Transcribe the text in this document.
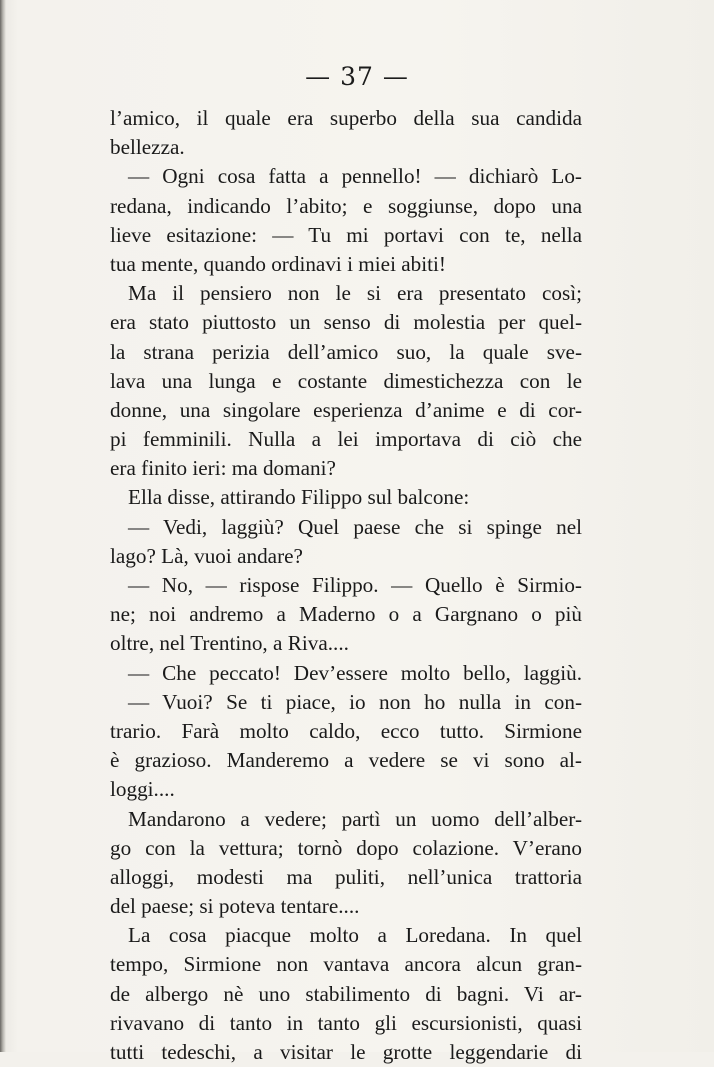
— 37 —
l’amico, il quale era superbo della sua candida
bellezza.
— Ogni cosa fatta a pennello! — dichiarò Lo-
redana, indicando l’abito; e soggiunse, dopo una
lieve esitazione: — Tu mi portavi con te, nella
tua mente, quando ordinavi i miei abiti!
Ma il pensiero non le si era presentato così;
era stato piuttosto un senso di molestia per quel-
la strana perizia dell’amico suo, la quale sve-
lava una lunga e costante dimestichezza con le
donne, una singolare esperienza d’anime e di cor-
pi femminili. Nulla a lei importava di ciò che
era finito ieri: ma domani?
Ella disse, attirando Filippo sul balcone:
— Vedi, laggiù? Quel paese che si spinge nel
lago? Là, vuoi andare?
— No, — rispose Filippo. — Quello è Sirmio-
ne; noi andremo a Maderno o a Gargnano o più
oltre, nel Trentino, a Riva....
— Che peccato! Dev’essere molto bello, laggiù.
— Vuoi? Se ti piace, io non ho nulla in con-
trario. Farà molto caldo, ecco tutto. Sirmione
è grazioso. Manderemo a vedere se vi sono al-
loggi....
Mandarono a vedere; partì un uomo dell’alber-
go con la vettura; tornò dopo colazione. V’erano
alloggi, modesti ma puliti, nell’unica trattoria
del paese; si poteva tentare....
La cosa piacque molto a Loredana. In quel
tempo, Sirmione non vantava ancora alcun gran-
de albergo nè uno stabilimento di bagni. Vi ar-
rivavano di tanto in tanto gli escursionisti, quasi
tutti tedeschi, a visitar le grotte leggendarie di
